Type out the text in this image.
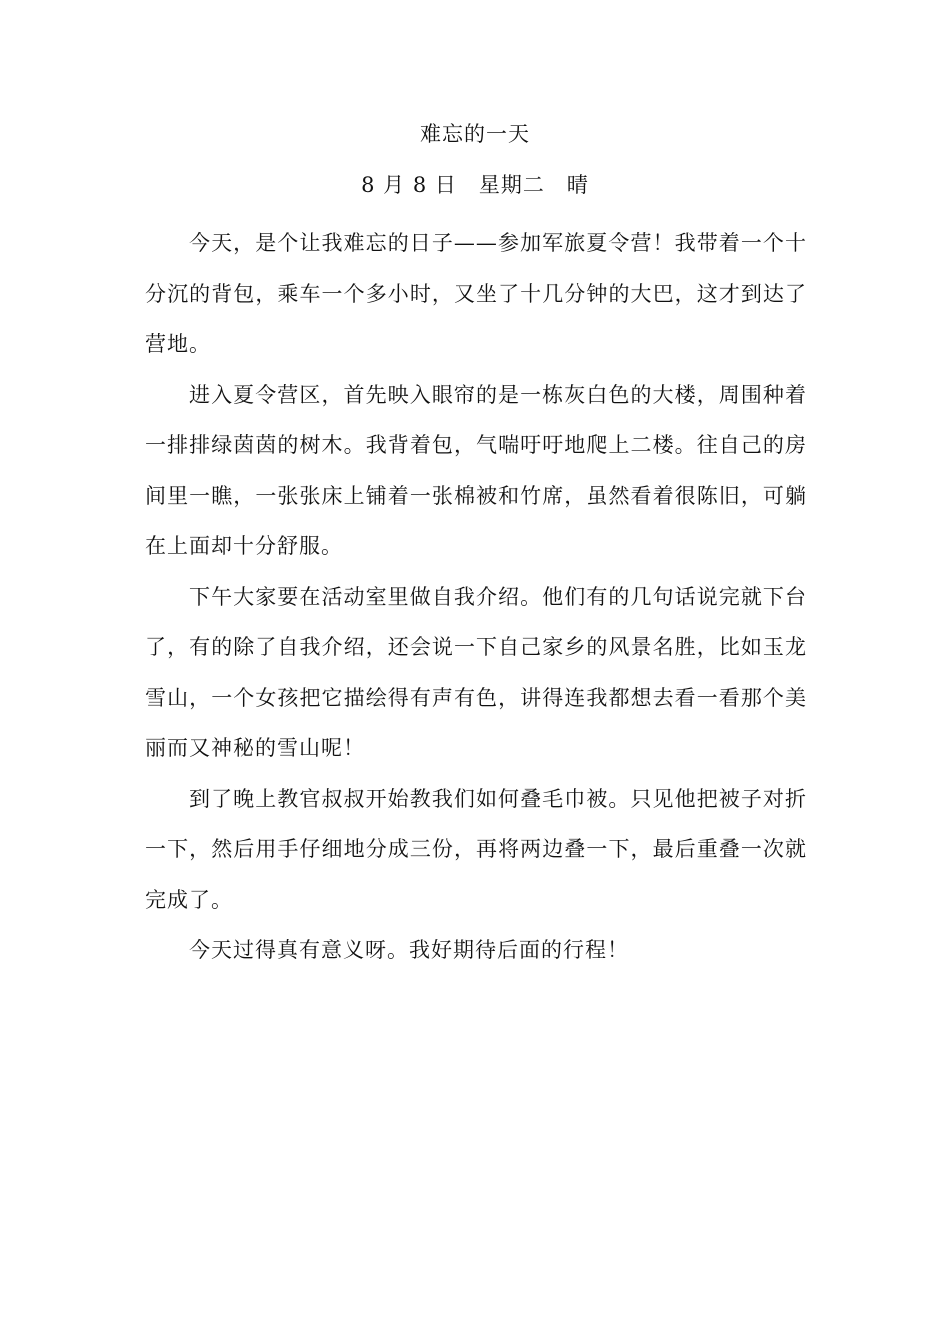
难忘的一天
8 月 8 日　星期二　晴

今天，是个让我难忘的日子——参加军旅夏令营！我带着一个十分沉的背包，乘车一个多小时，又坐了十几分钟的大巴，这才到达了营地。

进入夏令营区，首先映入眼帘的是一栋灰白色的大楼，周围种着一排排绿茵茵的树木。我背着包，气喘吁吁地爬上二楼。往自己的房间里一瞧，一张张床上铺着一张棉被和竹席，虽然看着很陈旧，可躺在上面却十分舒服。

下午大家要在活动室里做自我介绍。他们有的几句话说完就下台了，有的除了自我介绍，还会说一下自己家乡的风景名胜，比如玉龙雪山，一个女孩把它描绘得有声有色，讲得连我都想去看一看那个美丽而又神秘的雪山呢！

到了晚上教官叔叔开始教我们如何叠毛巾被。只见他把被子对折一下，然后用手仔细地分成三份，再将两边叠一下，最后重叠一次就完成了。

今天过得真有意义呀。我好期待后面的行程！
